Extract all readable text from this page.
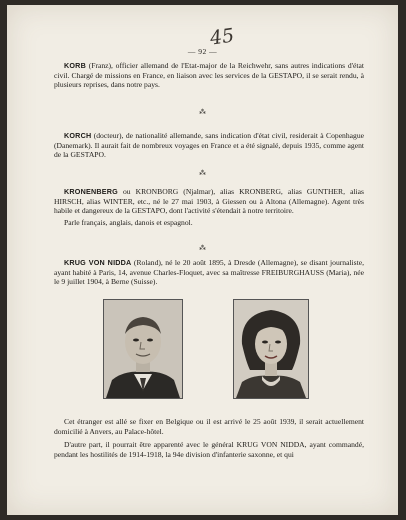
— 92 —
45

KORB (Franz), officier allemand de l'Etat-major de la Reichwehr, sans autres indications d'état civil. Chargé de missions en France, en liaison avec les services de la GESTAPO, il se serait rendu, à plusieurs reprises, dans notre pays.

⁂

KORCH (docteur), de nationalité allemande, sans indication d'état civil, residerait à Copenhague (Danemark). Il aurait fait de nombreux voyages en France et a été signalé, depuis 1935, comme agent de la GESTAPO.

⁂

KRONENBERG ou KRONBORG (Njalmar), alias KRONBERG, alias GUNTHER, alias HIRSCH, alias WINTER, etc., né le 27 mai 1903, à Giessen ou à Altona (Allemagne). Agent très habile et dangereux de la GESTAPO, dont l'activité s'étendait à notre territoire.

Parle français, anglais, danois et espagnol.

⁂

KRUG VON NIDDA (Roland), né le 20 août 1895, à Dresde (Allemagne), se disant journaliste, ayant habité à Paris, 14, avenue Charles-Floquet, avec sa maîtresse FREIBURGHAUSS (Maria), née le 9 juillet 1904, à Berne (Suisse).

Cet étranger est allé se fixer en Belgique ou il est arrivé le 25 août 1939, il serait actuellement domicilié à Anvers, au Palace-hôtel.

D'autre part, il pourrait être apparenté avec le général KRUG VON NIDDA, ayant commandé, pendant les hostilités de 1914-1918, la 94e division d'infanterie saxonne, et qui
